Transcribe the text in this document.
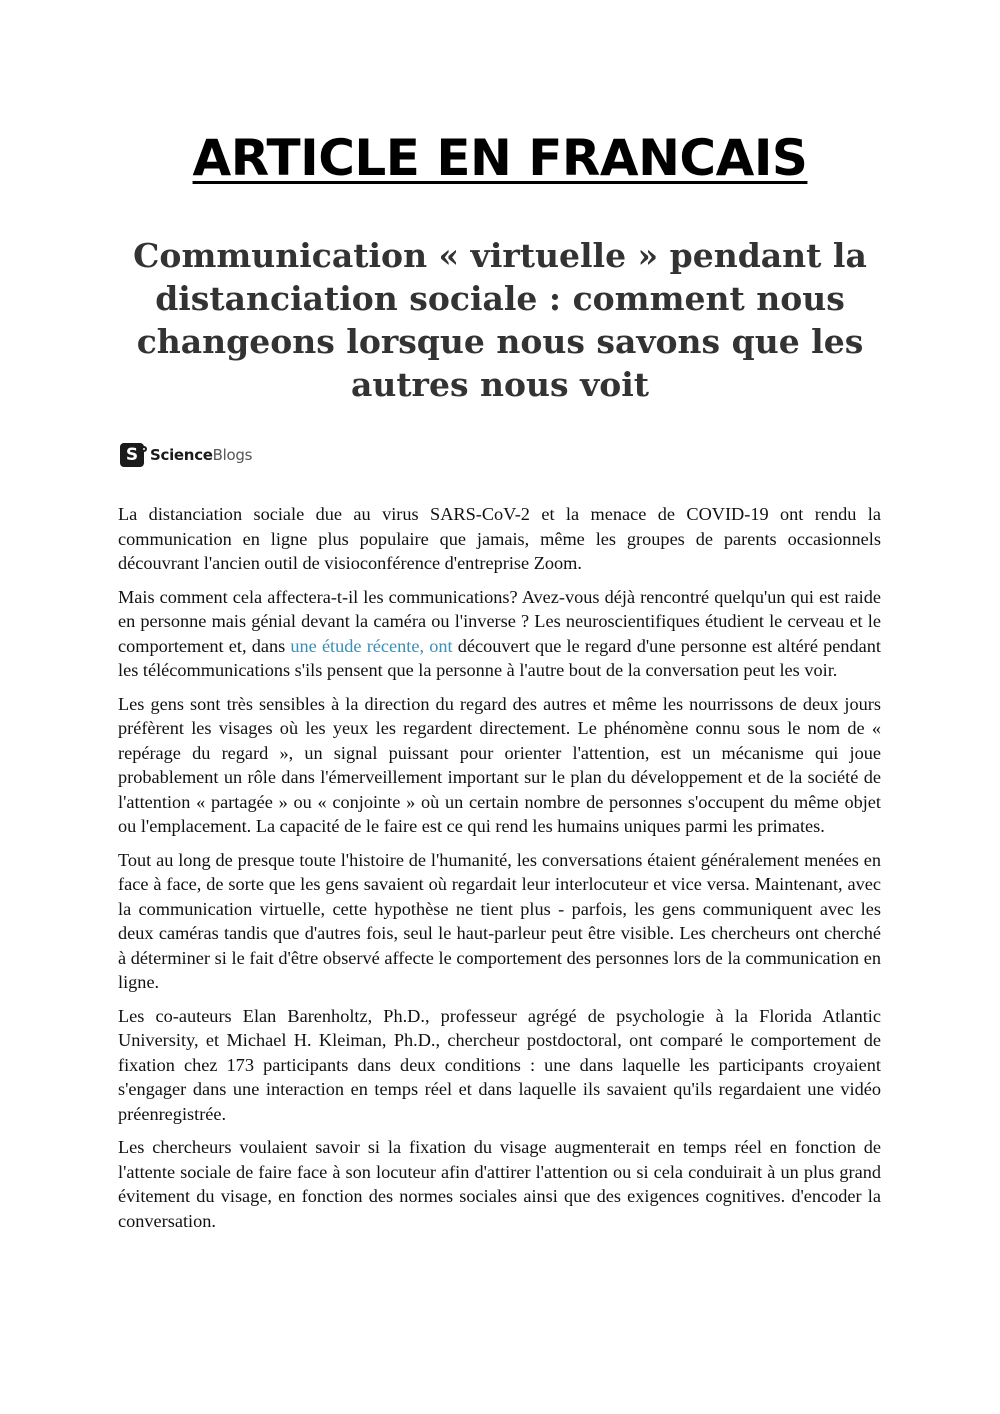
ARTICLE EN FRANCAIS
Communication « virtuelle » pendant la distanciation sociale : comment nous changeons lorsque nous savons que les autres nous voit
S ScienceBlogs

La distanciation sociale due au virus SARS-CoV-2 et la menace de COVID-19 ont rendu la communication en ligne plus populaire que jamais, même les groupes de parents occasionnels découvrant l'ancien outil de visioconférence d'entreprise Zoom.

Mais comment cela affectera-t-il les communications? Avez-vous déjà rencontré quelqu'un qui est raide en personne mais génial devant la caméra ou l'inverse ? Les neuroscientifiques étudient le cerveau et le comportement et, dans une étude récente, ont découvert que le regard d'une personne est altéré pendant les télécommunications s'ils pensent que la personne à l'autre bout de la conversation peut les voir.

Les gens sont très sensibles à la direction du regard des autres et même les nourrissons de deux jours préfèrent les visages où les yeux les regardent directement. Le phénomène connu sous le nom de « repérage du regard », un signal puissant pour orienter l'attention, est un mécanisme qui joue probablement un rôle dans l'émerveillement important sur le plan du développement et de la société de l'attention « partagée » ou « conjointe » où un certain nombre de personnes s'occupent du même objet ou l'emplacement. La capacité de le faire est ce qui rend les humains uniques parmi les primates.

Tout au long de presque toute l'histoire de l'humanité, les conversations étaient généralement menées en face à face, de sorte que les gens savaient où regardait leur interlocuteur et vice versa. Maintenant, avec la communication virtuelle, cette hypothèse ne tient plus - parfois, les gens communiquent avec les deux caméras tandis que d'autres fois, seul le haut-parleur peut être visible. Les chercheurs ont cherché à déterminer si le fait d'être observé affecte le comportement des personnes lors de la communication en ligne.

Les co-auteurs Elan Barenholtz, Ph.D., professeur agrégé de psychologie à la Florida Atlantic University, et Michael H. Kleiman, Ph.D., chercheur postdoctoral, ont comparé le comportement de fixation chez 173 participants dans deux conditions : une dans laquelle les participants croyaient s'engager dans une interaction en temps réel et dans laquelle ils savaient qu'ils regardaient une vidéo préenregistrée.

Les chercheurs voulaient savoir si la fixation du visage augmenterait en temps réel en fonction de l'attente sociale de faire face à son locuteur afin d'attirer l'attention ou si cela conduirait à un plus grand évitement du visage, en fonction des normes sociales ainsi que des exigences cognitives. d'encoder la conversation.
